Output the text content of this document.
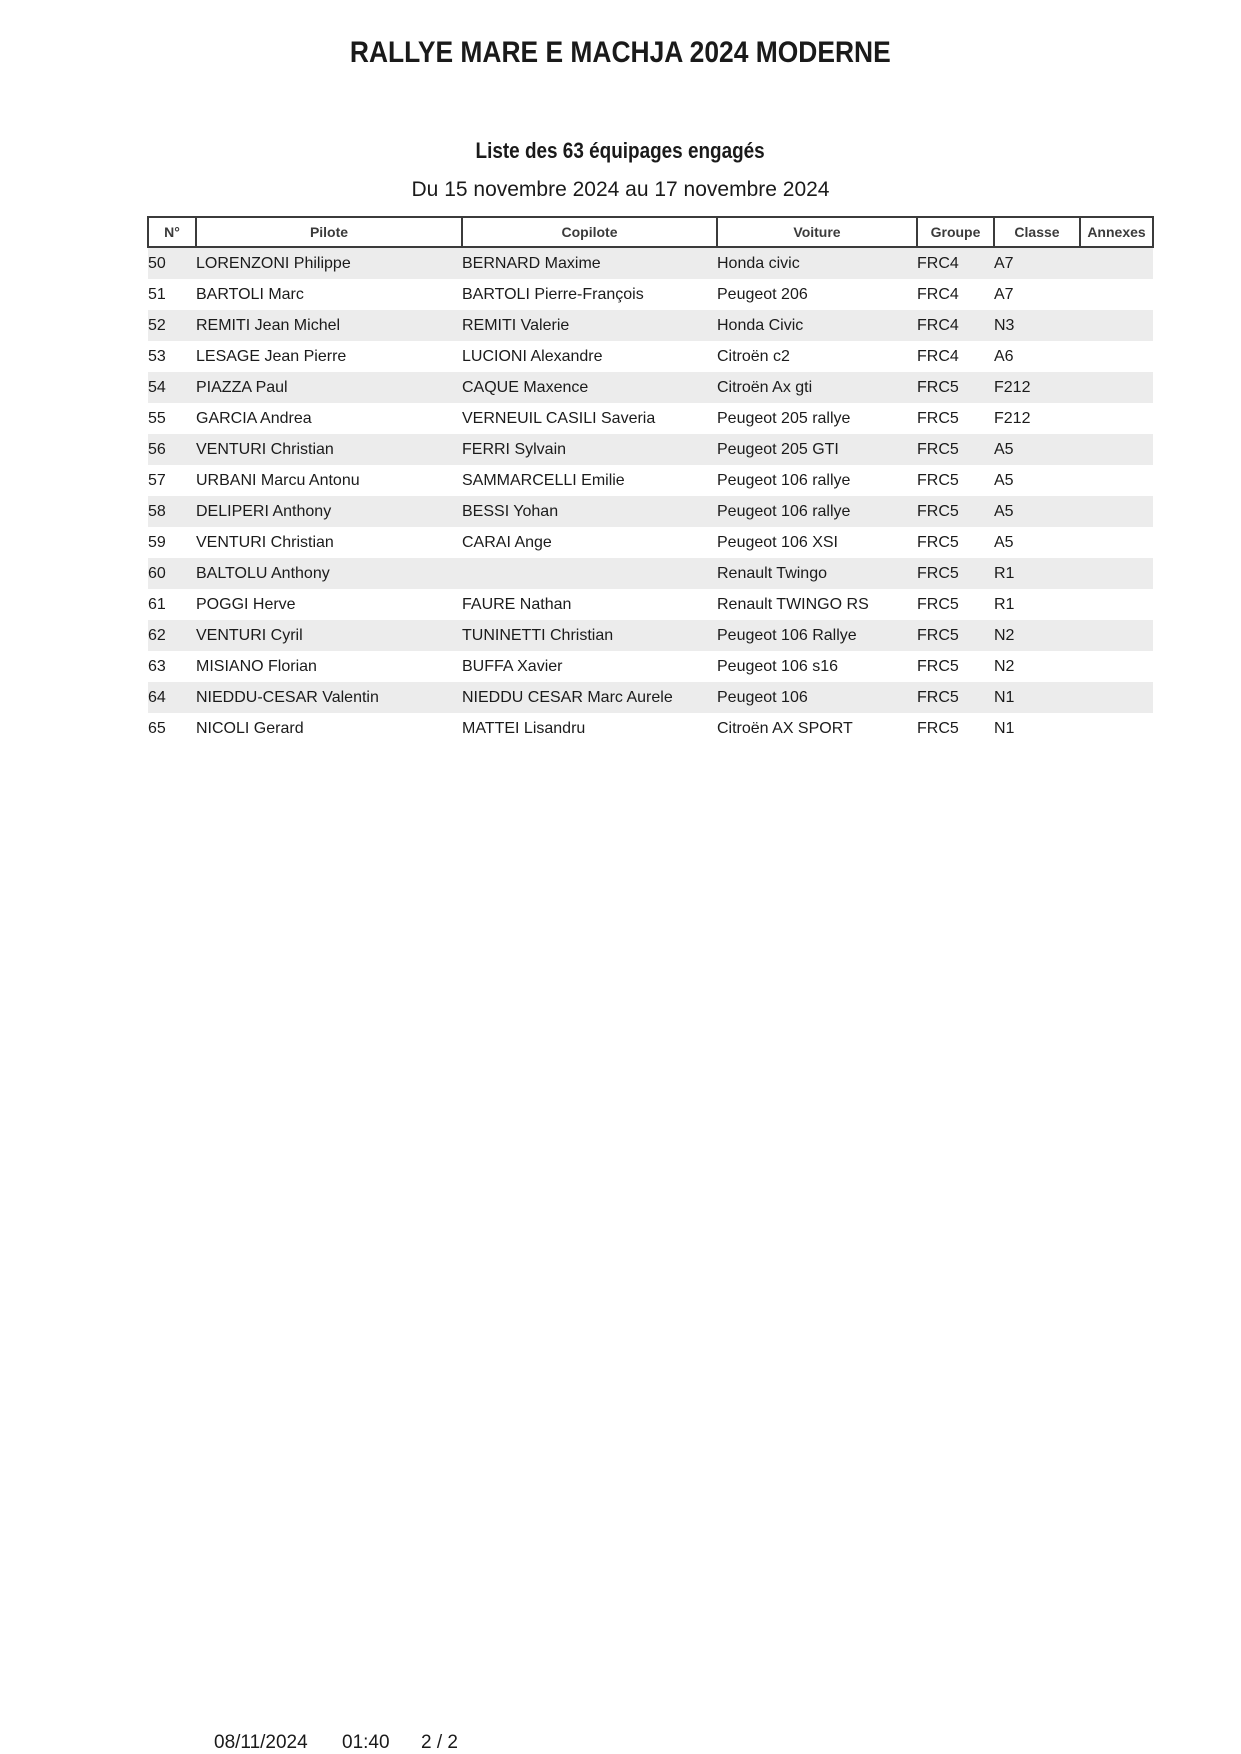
RALLYE MARE E MACHJA 2024 MODERNE
Liste des 63 équipages engagés
Du 15 novembre 2024 au 17 novembre 2024
N°	Pilote	Copilote	Voiture	Groupe	Classe	Annexes
50	LORENZONI Philippe	BERNARD Maxime	Honda civic	FRC4	A7	
51	BARTOLI Marc	BARTOLI Pierre-François	Peugeot 206	FRC4	A7	
52	REMITI Jean Michel	REMITI Valerie	Honda Civic	FRC4	N3	
53	LESAGE Jean Pierre	LUCIONI Alexandre	Citroën c2	FRC4	A6	
54	PIAZZA Paul	CAQUE Maxence	Citroën Ax gti	FRC5	F212	
55	GARCIA Andrea	VERNEUIL CASILI Saveria	Peugeot 205 rallye	FRC5	F212	
56	VENTURI Christian	FERRI Sylvain	Peugeot 205 GTI	FRC5	A5	
57	URBANI Marcu Antonu	SAMMARCELLI Emilie	Peugeot 106 rallye	FRC5	A5	
58	DELIPERI Anthony	BESSI Yohan	Peugeot 106 rallye	FRC5	A5	
59	VENTURI Christian	CARAI Ange	Peugeot 106 XSI	FRC5	A5	
60	BALTOLU Anthony		Renault Twingo	FRC5	R1	
61	POGGI Herve	FAURE Nathan	Renault TWINGO RS	FRC5	R1	
62	VENTURI Cyril	TUNINETTI Christian	Peugeot 106 Rallye	FRC5	N2	
63	MISIANO Florian	BUFFA Xavier	Peugeot 106 s16	FRC5	N2	
64	NIEDDU-CESAR Valentin	NIEDDU CESAR Marc Aurele	Peugeot 106	FRC5	N1	
65	NICOLI Gerard	MATTEI Lisandru	Citroën AX SPORT	FRC5	N1	
08/11/2024 01:40 2 / 2
